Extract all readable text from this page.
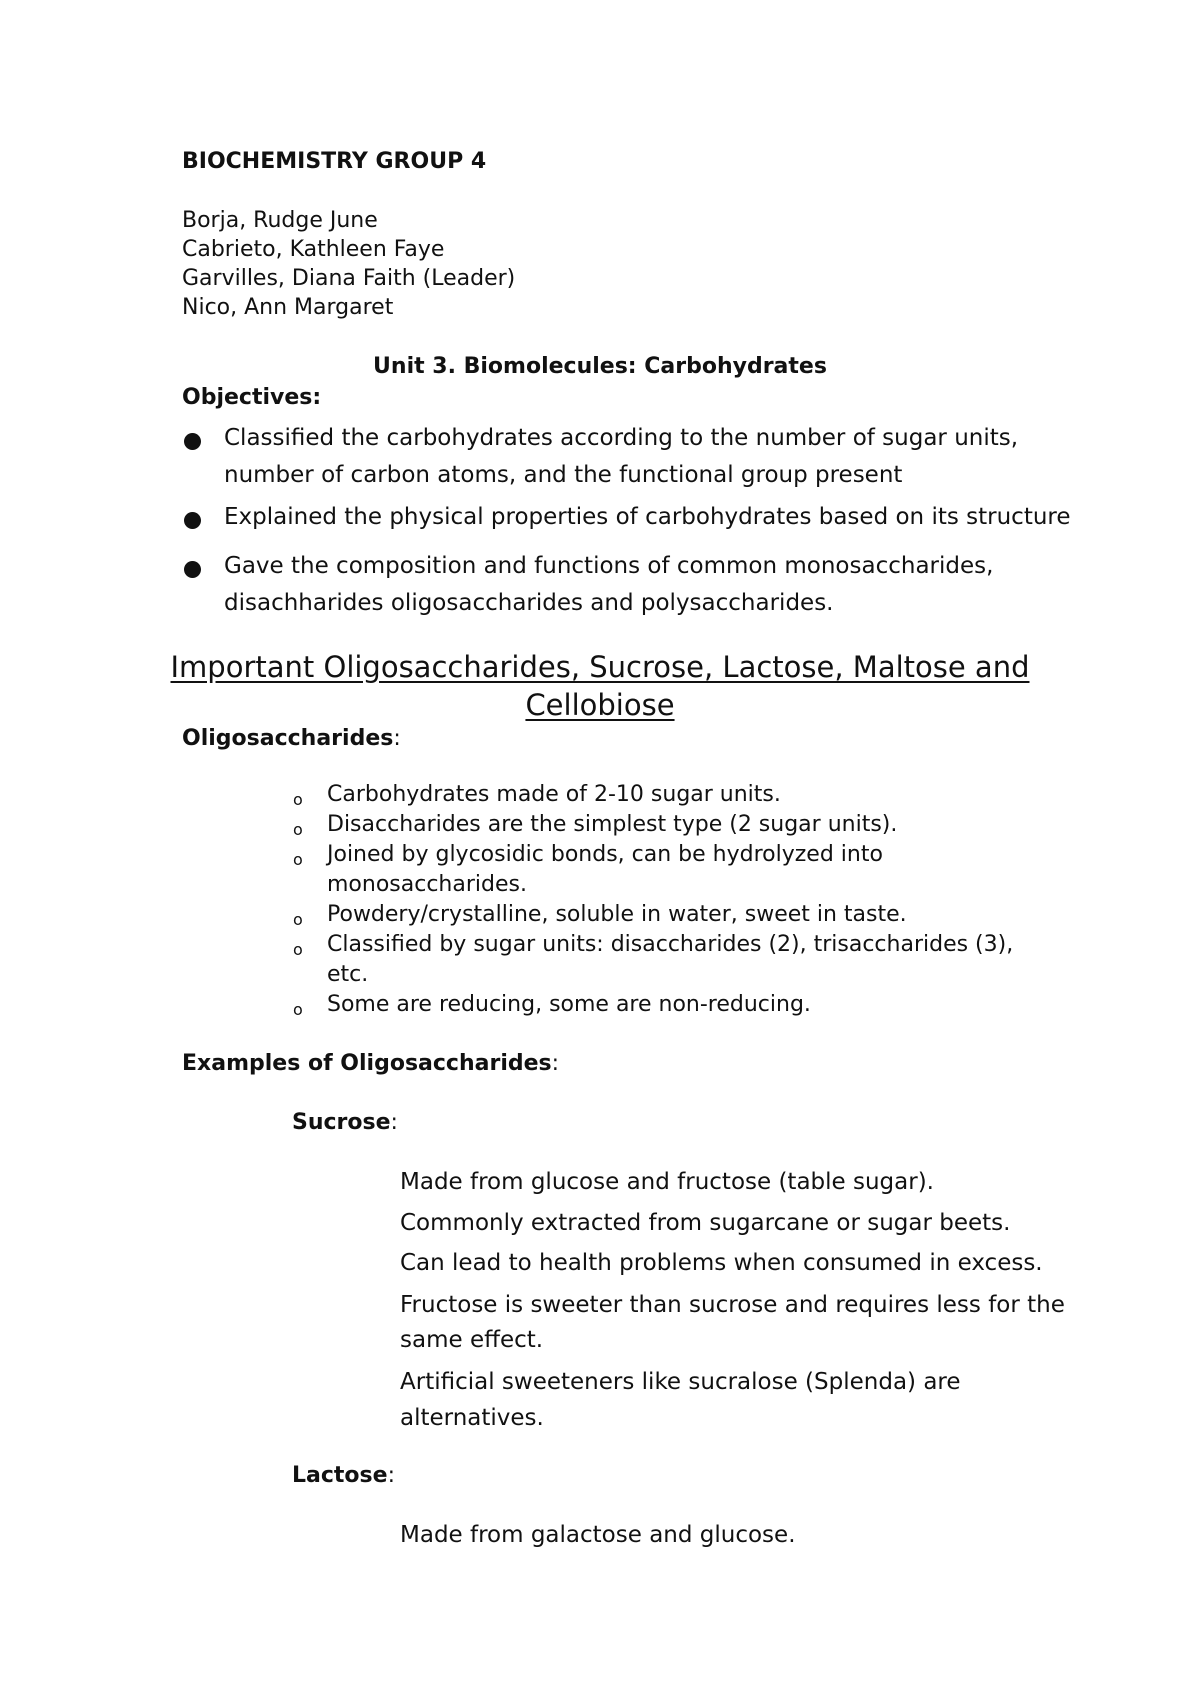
BIOCHEMISTRY GROUP 4
Borja, Rudge June
Cabrieto, Kathleen Faye
Garvilles, Diana Faith (Leader)
Nico, Ann Margaret
Unit 3. Biomolecules: Carbohydrates
Objectives:
Classified the carbohydrates according to the number of sugar units,
number of carbon atoms, and the functional group present
Explained the physical properties of carbohydrates based on its structure
Gave the composition and functions of common monosaccharides,
disachharides oligosaccharides and polysaccharides.
Important Oligosaccharides, Sucrose, Lactose, Maltose and
Cellobiose
Oligosaccharides:
o Carbohydrates made of 2-10 sugar units.
o Disaccharides are the simplest type (2 sugar units).
o Joined by glycosidic bonds, can be hydrolyzed into
monosaccharides.
o Powdery/crystalline, soluble in water, sweet in taste.
o Classified by sugar units: disaccharides (2), trisaccharides (3),
etc.
o Some are reducing, some are non-reducing.
Examples of Oligosaccharides:
Sucrose:
Made from glucose and fructose (table sugar).
Commonly extracted from sugarcane or sugar beets.
Can lead to health problems when consumed in excess.
Fructose is sweeter than sucrose and requires less for the
same effect.
Artificial sweeteners like sucralose (Splenda) are
alternatives.
Lactose:
Made from galactose and glucose.
